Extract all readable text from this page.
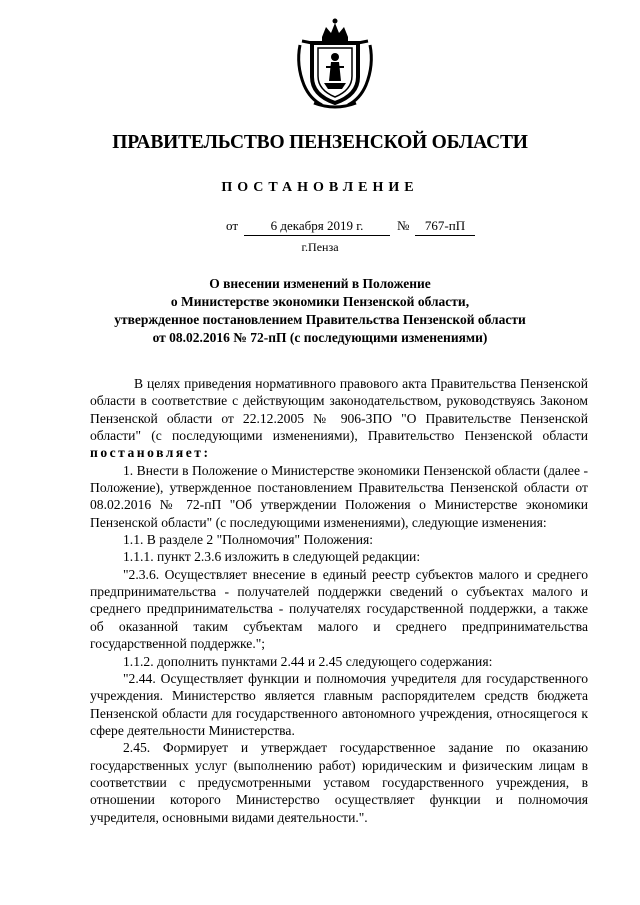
ПРАВИТЕЛЬСТВО ПЕНЗЕНСКОЙ ОБЛАСТИ
ПОСТАНОВЛЕНИЕ
от	6 декабря 2019 г.	№	767-пП
г.Пенза
О внесении изменений в Положение
о Министерстве экономики Пензенской области,
утвержденное постановлением Правительства Пензенской области
от 08.02.2016 № 72-пП (с последующими изменениями)

В целях приведения нормативного правового акта Правительства Пензенской области в соответствие с действующим законодательством, руководствуясь Законом Пензенской области от 22.12.2005 № 906-ЗПО "О Правительстве Пензенской области" (с последующими изменениями), Правительство Пензенской области постановляет:

1. Внести в Положение о Министерстве экономики Пензенской области (далее - Положение), утвержденное постановлением Правительства Пензенской области от 08.02.2016 № 72-пП "Об утверждении Положения о Министерстве экономики Пензенской области" (с последующими изменениями), следующие изменения:

1.1. В разделе 2 "Полномочия" Положения:

1.1.1. пункт 2.3.6 изложить в следующей редакции:

"2.3.6. Осуществляет внесение в единый реестр субъектов малого и среднего предпринимательства - получателей поддержки сведений о субъектах малого и среднего предпринимательства - получателях государственной поддержки, а также об оказанной таким субъектам малого и среднего предпринимательства государственной поддержке.";

1.1.2. дополнить пунктами 2.44 и 2.45 следующего содержания:

"2.44. Осуществляет функции и полномочия учредителя для государственного учреждения. Министерство является главным распорядителем средств бюджета Пензенской области для государственного автономного учреждения, относящегося к сфере деятельности Министерства.

2.45. Формирует и утверждает государственное задание по оказанию государственных услуг (выполнению работ) юридическим и физическим лицам в соответствии с предусмотренными уставом государственного учреждения, в отношении которого Министерство осуществляет функции и полномочия учредителя, основными видами деятельности.".
